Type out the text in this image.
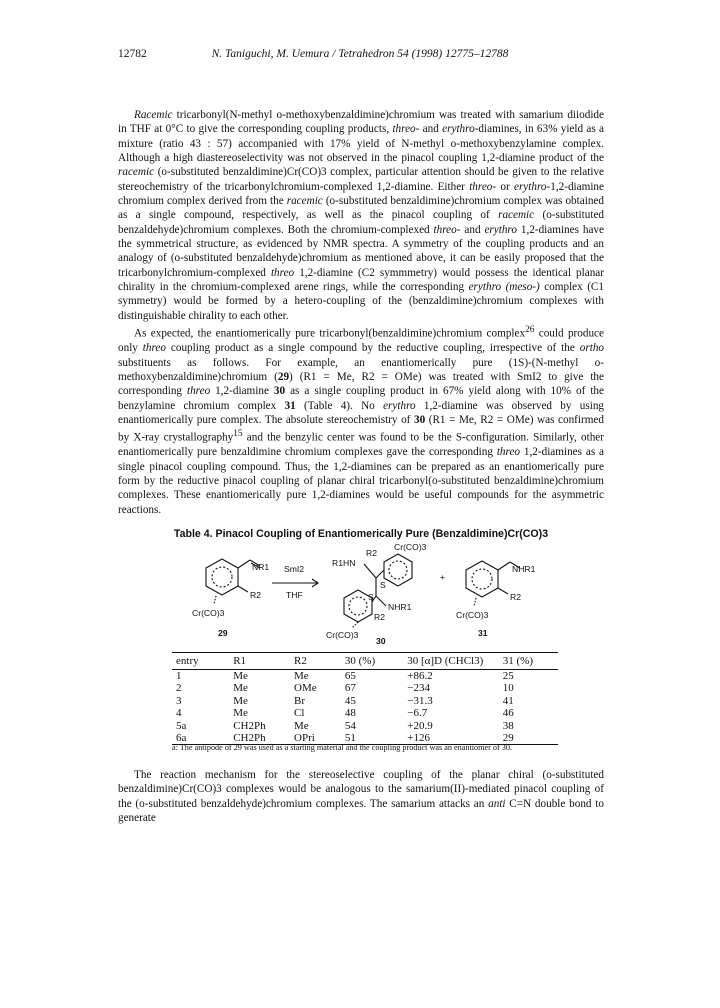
12782	N. Taniguchi, M. Uemura / Tetrahedron 54 (1998) 12775–12788

Racemic tricarbonyl(N-methyl o-methoxybenzaldimine)chromium was treated with samarium diiodide in THF at 0°C to give the corresponding coupling products, threo- and erythro-diamines, in 63% yield as a mixture (ratio 43 : 57) accompanied with 17% yield of N-methyl o-methoxybenzylamine complex. Although a high diastereoselectivity was not observed in the pinacol coupling 1,2-diamine product of the racemic (o-substituted benzaldimine)Cr(CO)3 complex, particular attention should be given to the relative stereochemistry of the tricarbonylchromium-complexed 1,2-diamine. Either threo- or erythro-1,2-diamine chromium complex derived from the racemic (o-substituted benzaldimine)chromium complex was obtained as a single compound, respectively, as well as the pinacol coupling of racemic (o-substituted benzaldehyde)chromium complexes. Both the chromium-complexed threo- and erythro 1,2-diamines have the symmetrical structure, as evidenced by NMR spectra. A symmetry of the coupling products and an analogy of (o-substituted benzaldehyde)chromium as mentioned above, it can be easily proposed that the tricarbonylchromium-complexed threo 1,2-diamine (C2 symmmetry) would possess the identical planar chirality in the chromium-complexed arene rings, while the corresponding erythro (meso-) complex (C1 symmetry) would be formed by a hetero-coupling of the (benzaldimine)chromium complexes with distinguishable chirality to each other.

As expected, the enantiomerically pure tricarbonyl(benzaldimine)chromium complex$^{26}$ could produce only threo coupling product as a single compound by the reductive coupling, irrespective of the ortho substituents as follows. For example, an enantiomerically pure (1S)-(N-methyl o-methoxybenzaldimine)chromium (29) (R1 = Me, R2 = OMe) was treated with SmI2 to give the corresponding threo 1,2-diamine 30 as a single coupling product in 67% yield along with 10% of the benzylamine chromium complex 31 (Table 4). No erythro 1,2-diamine was observed by using enantiomerically pure complex. The absolute stereochemistry of 30 (R1 = Me, R2 = OMe) was confirmed by X-ray crystallography$^{15}$ and the benzylic center was found to be the S-configuration. Similarly, other enantiomerically pure benzaldimine chromium complexes gave the corresponding threo 1,2-diamines as a single pinacol coupling compound. Thus, the 1,2-diamines can be prepared as an enantiomerically pure form by the reductive pinacol coupling of planar chiral tricarbonyl(o-substituted benzaldimine)chromium complexes. These enantiomerically pure 1,2-diamines would be useful compounds for the asymmetric reactions.

Table 4. Pinacol Coupling of Enantiomerically Pure (Benzaldimine)Cr(CO)3
NR1
R2
Cr(CO)3
SmI2
THF
29
R1HN
R2
Cr(CO)3
S
S
NHR1
R2
Cr(CO)3
30
+
NHR1
R2
Cr(CO)3
31
entry	R1	R2	30 (%)	30 [α]D (CHCl3)	31 (%)
1	Me	Me	65	+86.2	25
2	Me	OMe	67	−234	10
3	Me	Br	45	−31.3	41
4	Me	Cl	48	−6.7	46
5a	CH2Ph	Me	54	+20.9	38
6a	CH2Ph	OPri	51	+126	29
a: The antipode of 29 was used as a starting material and the coupling product was an enantiomer of 30.

The reaction mechanism for the stereoselective coupling of the planar chiral (o-substituted benzaldimine)Cr(CO)3 complexes would be analogous to the samarium(II)-mediated pinacol coupling of the (o-substituted benzaldehyde)chromium complexes. The samarium attacks an anti C=N double bond to generate
